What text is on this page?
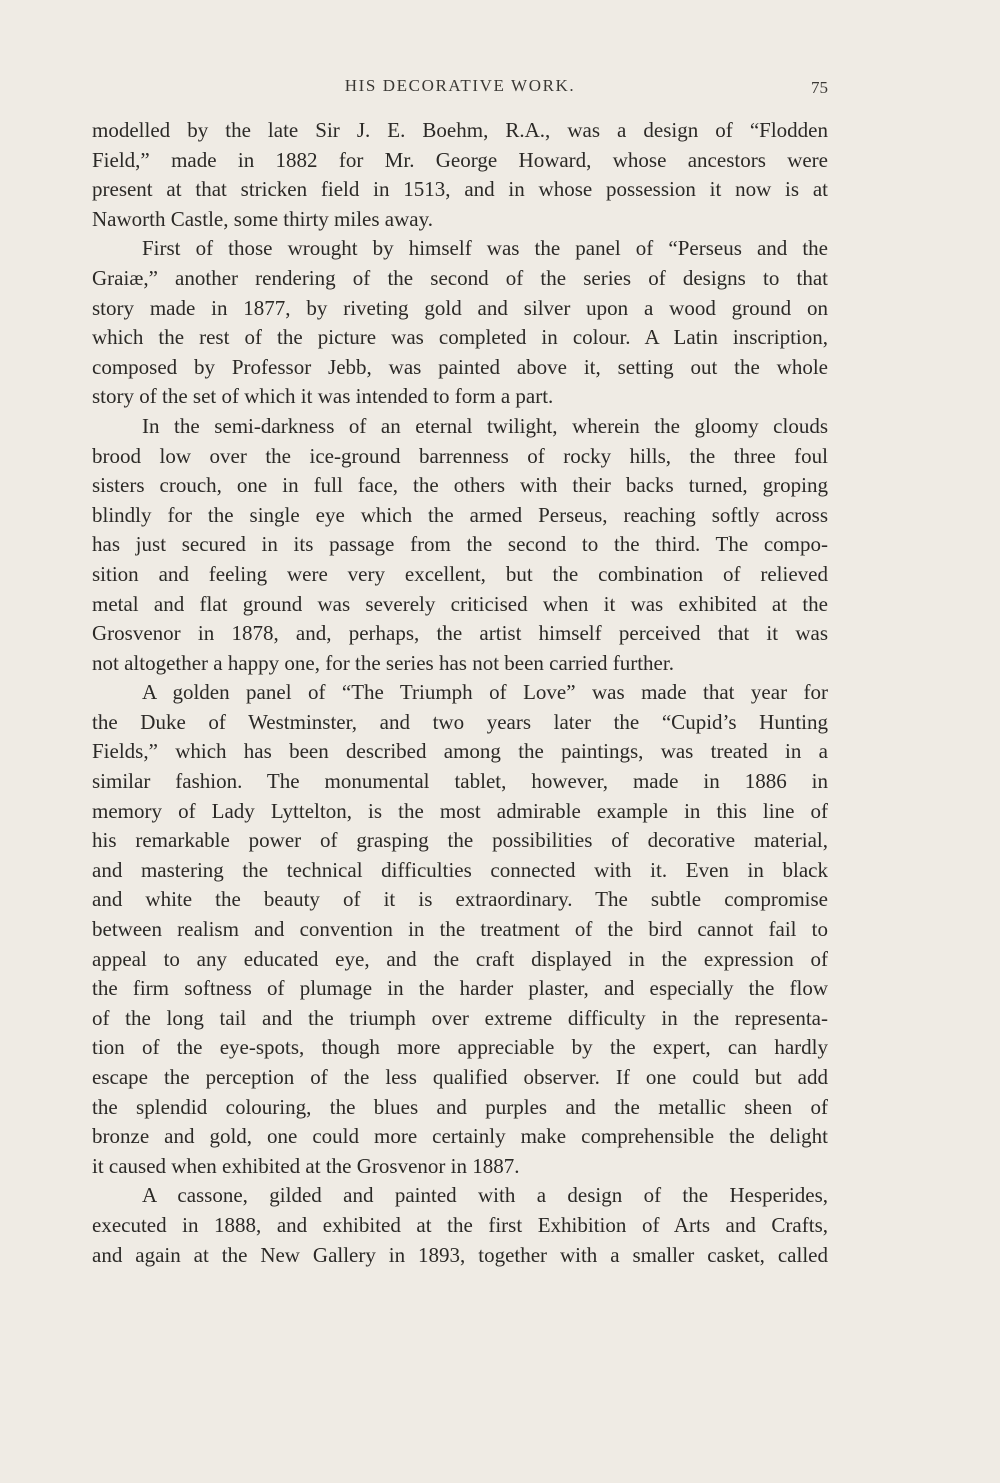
HIS DECORATIVE WORK.	75
modelled by the late Sir J. E. Boehm, R.A., was a design of “Flodden
Field,” made in 1882 for Mr. George Howard, whose ancestors were
present at that stricken field in 1513, and in whose possession it now is at
Naworth Castle, some thirty miles away.
First of those wrought by himself was the panel of “Perseus and the
Graiæ,” another rendering of the second of the series of designs to that
story made in 1877, by riveting gold and silver upon a wood ground on
which the rest of the picture was completed in colour. A Latin inscription,
composed by Professor Jebb, was painted above it, setting out the whole
story of the set of which it was intended to form a part.
In the semi-darkness of an eternal twilight, wherein the gloomy clouds
brood low over the ice-ground barrenness of rocky hills, the three foul
sisters crouch, one in full face, the others with their backs turned, groping
blindly for the single eye which the armed Perseus, reaching softly across
has just secured in its passage from the second to the third. The compo-
sition and feeling were very excellent, but the combination of relieved
metal and flat ground was severely criticised when it was exhibited at the
Grosvenor in 1878, and, perhaps, the artist himself perceived that it was
not altogether a happy one, for the series has not been carried further.
A golden panel of “The Triumph of Love” was made that year for
the Duke of Westminster, and two years later the “Cupid’s Hunting
Fields,” which has been described among the paintings, was treated in a
similar fashion. The monumental tablet, however, made in 1886 in
memory of Lady Lyttelton, is the most admirable example in this line of
his remarkable power of grasping the possibilities of decorative material,
and mastering the technical difficulties connected with it. Even in black
and white the beauty of it is extraordinary. The subtle compromise
between realism and convention in the treatment of the bird cannot fail to
appeal to any educated eye, and the craft displayed in the expression of
the firm softness of plumage in the harder plaster, and especially the flow
of the long tail and the triumph over extreme difficulty in the representa-
tion of the eye-spots, though more appreciable by the expert, can hardly
escape the perception of the less qualified observer. If one could but add
the splendid colouring, the blues and purples and the metallic sheen of
bronze and gold, one could more certainly make comprehensible the delight
it caused when exhibited at the Grosvenor in 1887.
A cassone, gilded and painted with a design of the Hesperides,
executed in 1888, and exhibited at the first Exhibition of Arts and Crafts,
and again at the New Gallery in 1893, together with a smaller casket, called
